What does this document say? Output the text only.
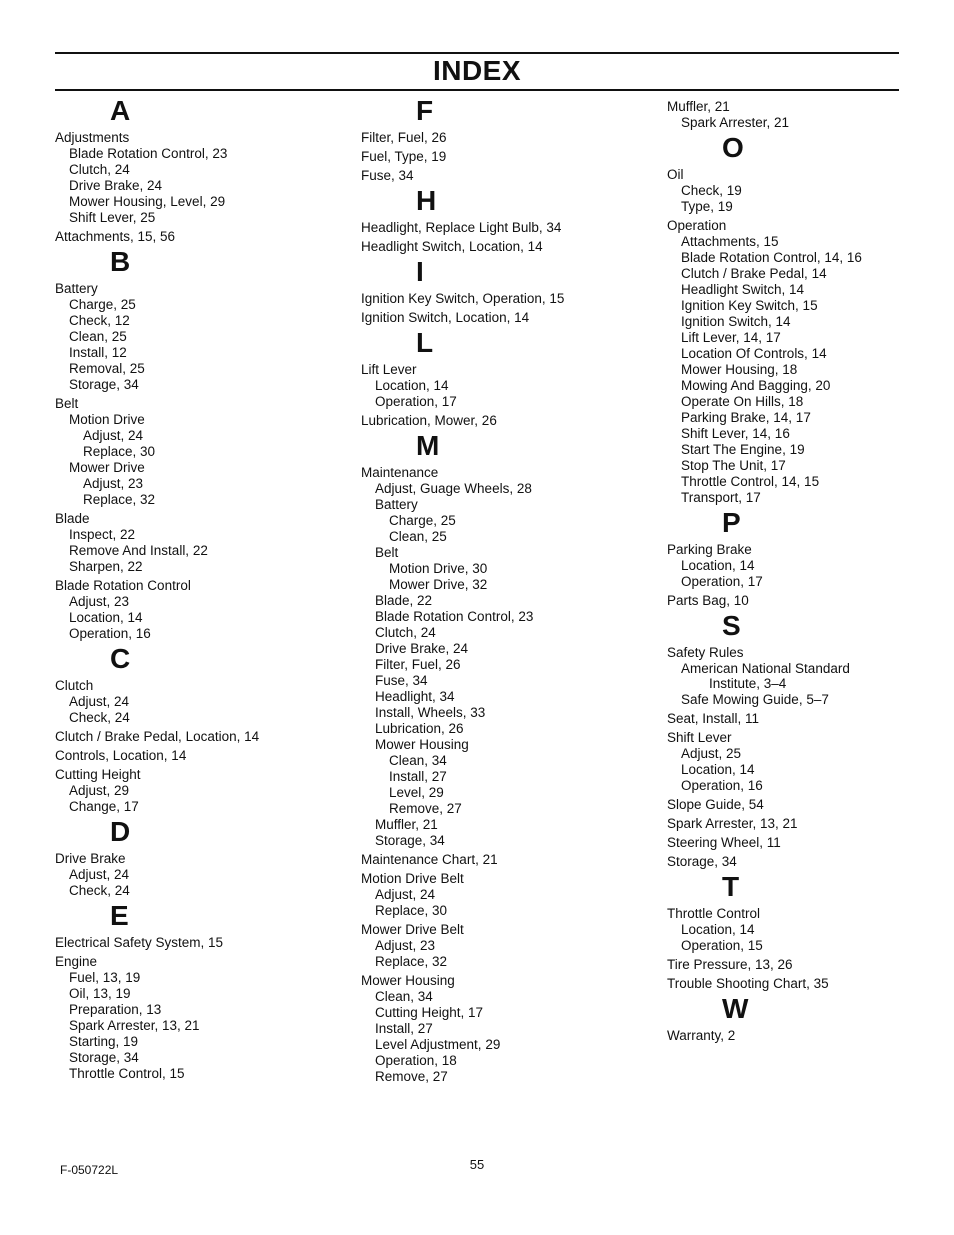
INDEX
A
Adjustments
Blade Rotation Control, 23
Clutch, 24
Drive Brake, 24
Mower Housing, Level, 29
Shift Lever, 25
Attachments, 15, 56
B
Battery
Charge, 25
Check, 12
Clean, 25
Install, 12
Removal, 25
Storage, 34
Belt
Motion Drive
Adjust, 24
Replace, 30
Mower Drive
Adjust, 23
Replace, 32
Blade
Inspect, 22
Remove And Install, 22
Sharpen, 22
Blade Rotation Control
Adjust, 23
Location, 14
Operation, 16
C
Clutch
Adjust, 24
Check, 24
Clutch / Brake Pedal, Location, 14
Controls, Location, 14
Cutting Height
Adjust, 29
Change, 17
D
Drive Brake
Adjust, 24
Check, 24
E
Electrical Safety System, 15
Engine
Fuel, 13, 19
Oil, 13, 19
Preparation, 13
Spark Arrester, 13, 21
Starting, 19
Storage, 34
Throttle Control, 15
F
Filter, Fuel, 26
Fuel, Type, 19
Fuse, 34
H
Headlight, Replace Light Bulb, 34
Headlight Switch, Location, 14
I
Ignition Key Switch, Operation, 15
Ignition Switch, Location, 14
L
Lift Lever
Location, 14
Operation, 17
Lubrication, Mower, 26
M
Maintenance
Adjust, Guage Wheels, 28
Battery
Charge, 25
Clean, 25
Belt
Motion Drive, 30
Mower Drive, 32
Blade, 22
Blade Rotation Control, 23
Clutch, 24
Drive Brake, 24
Filter, Fuel, 26
Fuse, 34
Headlight, 34
Install, Wheels, 33
Lubrication, 26
Mower Housing
Clean, 34
Install, 27
Level, 29
Remove, 27
Muffler, 21
Storage, 34
Maintenance Chart, 21
Motion Drive Belt
Adjust, 24
Replace, 30
Mower Drive Belt
Adjust, 23
Replace, 32
Mower Housing
Clean, 34
Cutting Height, 17
Install, 27
Level Adjustment, 29
Operation, 18
Remove, 27
Muffler, 21
Spark Arrester, 21
O
Oil
Check, 19
Type, 19
Operation
Attachments, 15
Blade Rotation Control, 14, 16
Clutch / Brake Pedal, 14
Headlight Switch, 14
Ignition Key Switch, 15
Ignition Switch, 14
Lift Lever, 14, 17
Location Of Controls, 14
Mower Housing, 18
Mowing And Bagging, 20
Operate On Hills, 18
Parking Brake, 14, 17
Shift Lever, 14, 16
Start The Engine, 19
Stop The Unit, 17
Throttle Control, 14, 15
Transport, 17
P
Parking Brake
Location, 14
Operation, 17
Parts Bag, 10
S
Safety Rules
American National Standard
Institute, 3–4
Safe Mowing Guide, 5–7
Seat, Install, 11
Shift Lever
Adjust, 25
Location, 14
Operation, 16
Slope Guide, 54
Spark Arrester, 13, 21
Steering Wheel, 11
Storage, 34
T
Throttle Control
Location, 14
Operation, 15
Tire Pressure, 13, 26
Trouble Shooting Chart, 35
W
Warranty, 2
55
F-050722L
